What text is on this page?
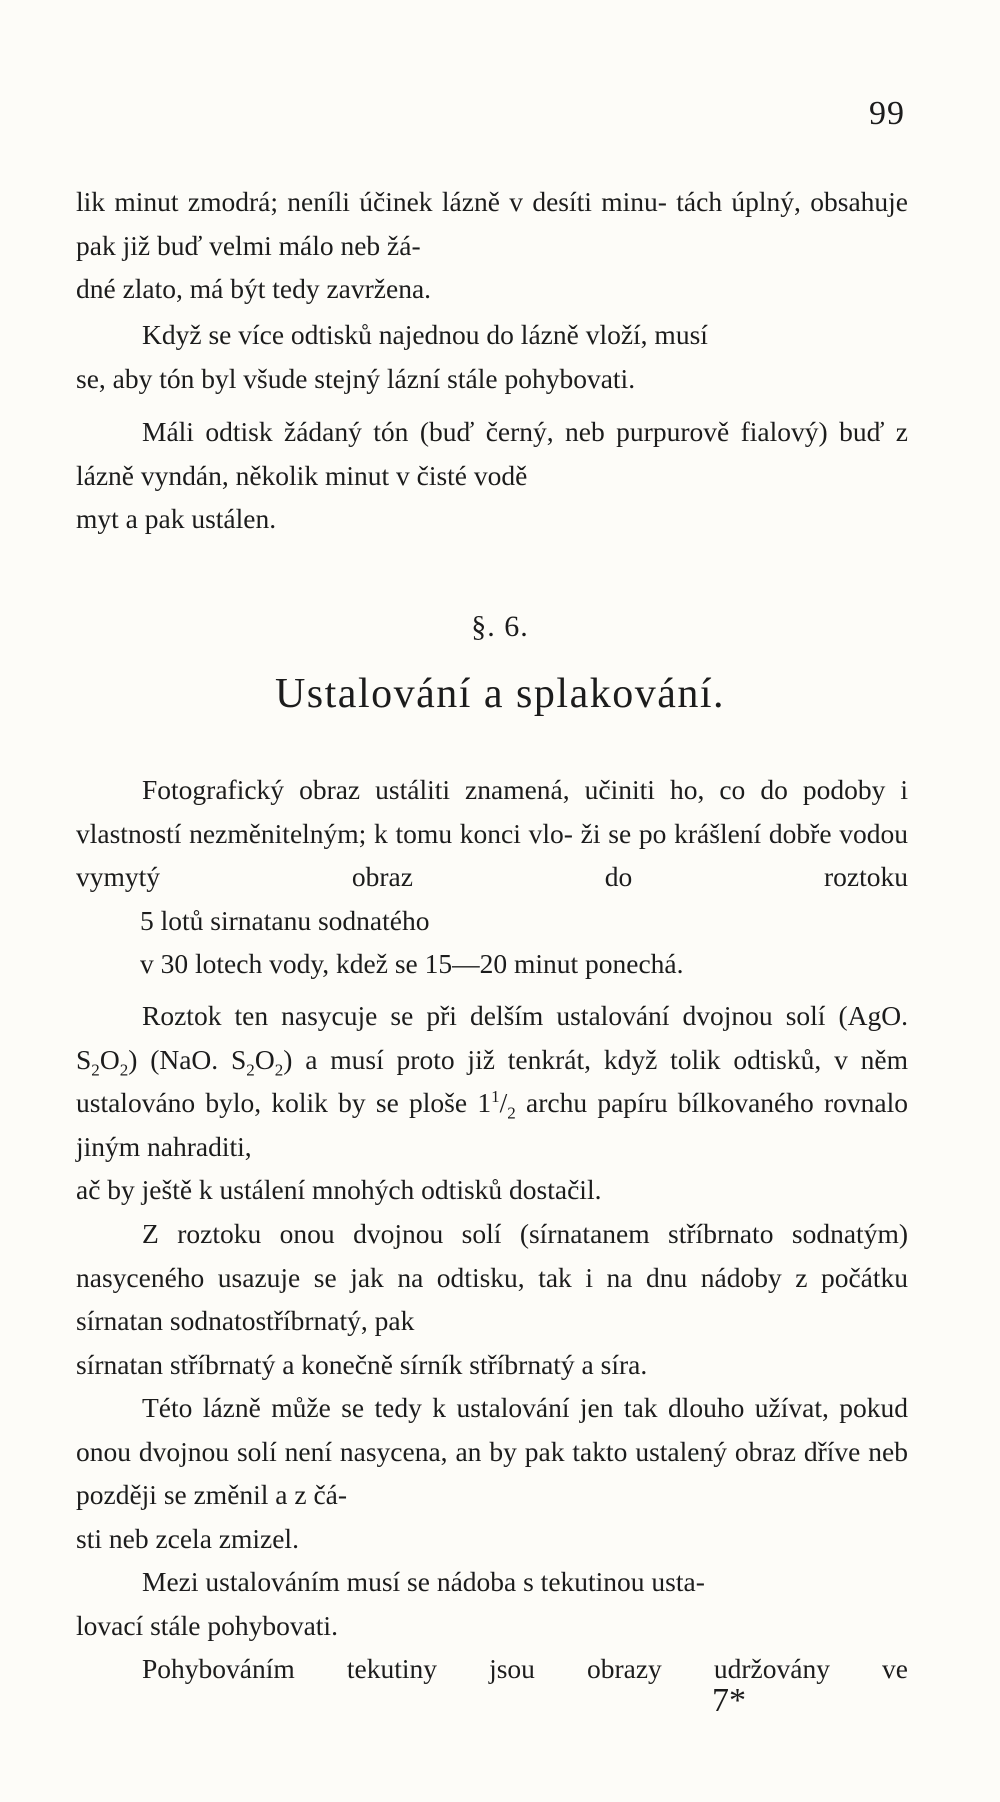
99
lik minut zmodrá; neníli účinek lázně v desíti minu- tách úplný, obsahuje pak již buď velmi málo neb žá-
dné zlato, má být tedy zavržena.
Když se více odtisků najednou do lázně vloží, musí
se, aby tón byl všude stejný lázní stále pohybovati.
Máli odtisk žádaný tón (buď černý, neb purpurově fialový) buď z lázně vyndán, několik minut v čisté vodě
myt a pak ustálen.
§. 6.
Ustalování a splakování.
Fotografický obraz ustáliti znamená, učiniti ho, co do podoby i vlastností nezměnitelným; k tomu konci vlo- ži se po krášlení dobře vodou vymytý obraz do roztoku
5 lotů sirnatanu sodnatého
v 30 lotech vody, kdež se 15—20 minut ponechá.
Roztok ten nasycuje se při delším ustalování dvojnou solí (AgO. $S_2O_2$) (NaO. $S_2O_2$) a musí proto již tenkrát, když tolik odtisků, v něm ustalováno bylo, kolik by se ploše $1^1/_2$ archu papíru bílkovaného rovnalo jiným nahraditi,
ač by ještě k ustálení mnohých odtisků dostačil.
Z roztoku onou dvojnou solí (sírnatanem stříbrnato sodnatým) nasyceného usazuje se jak na odtisku, tak i na dnu nádoby z počátku sírnatan sodnatostříbrnatý, pak
sírnatan stříbrnatý a konečně sírník stříbrnatý a síra.
Této lázně může se tedy k ustalování jen tak dlouho užívat, pokud onou dvojnou solí není nasycena, an by pak takto ustalený obraz dříve neb později se změnil a z čá-
sti neb zcela zmizel.
Mezi ustalováním musí se nádoba s tekutinou usta-
lovací stále pohybovati.
Pohybováním tekutiny jsou obrazy udržovány ve
7*
